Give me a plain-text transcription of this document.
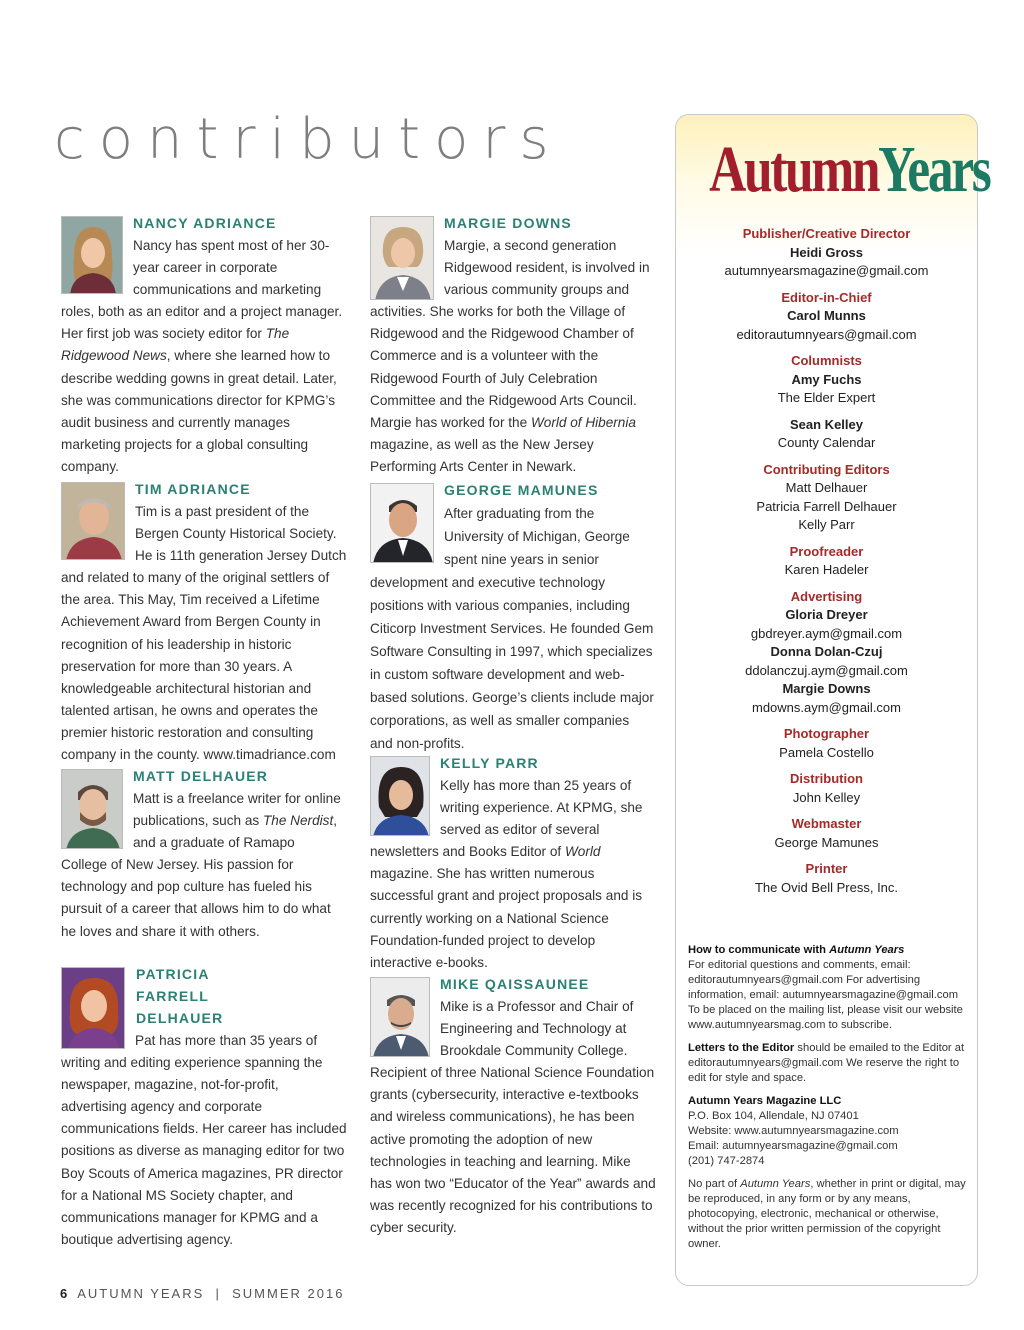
contributors
NANCY ADRIANCE
Nancy has spent most of her 30-year career in corporate communications and marketing roles, both as an editor and a project manager. Her first job was society editor for The Ridgewood News, where she learned how to describe wedding gowns in great detail. Later, she was communications director for KPMG’s audit business and currently manages marketing projects for a global consulting company.
TIM ADRIANCE
Tim is a past president of the Bergen County Historical Society. He is 11th generation Jersey Dutch and related to many of the original settlers of the area. This May, Tim received a Lifetime Achievement Award from Bergen County in recognition of his leadership in historic preservation for more than 30 years. A knowledgeable architectural historian and talented artisan, he owns and operates the premier historic restoration and consulting company in the county. www.timadriance.com
MATT DELHAUER
Matt is a freelance writer for online publications, such as The Nerdist, and a graduate of Ramapo College of New Jersey. His passion for technology and pop culture has fueled his pursuit of a career that allows him to do what he loves and share it with others.
PATRICIA FARRELL DELHAUER
Pat has more than 35 years of writing and editing experience spanning the newspaper, magazine, not-for-profit, advertising agency and corporate communications fields. Her career has included positions as diverse as managing editor for two Boy Scouts of America magazines, PR director for a National MS Society chapter, and communications manager for KPMG and a boutique advertising agency.
MARGIE DOWNS
Margie, a second generation Ridgewood resident, is involved in various community groups and activities. She works for both the Village of Ridgewood and the Ridgewood Chamber of Commerce and is a volunteer with the Ridgewood Fourth of July Celebration Committee and the Ridgewood Arts Council. Margie has worked for the World of Hibernia magazine, as well as the New Jersey Performing Arts Center in Newark.
GEORGE MAMUNES
After graduating from the University of Michigan, George spent nine years in senior development and executive technology positions with various companies, including Citicorp Investment Services. He founded Gem Software Consulting in 1997, which specializes in custom software development and web-based solutions. George’s clients include major corporations, as well as smaller companies and non-profits.
KELLY PARR
Kelly has more than 25 years of writing experience. At KPMG, she served as editor of several newsletters and Books Editor of World magazine. She has written numerous successful grant and project proposals and is currently working on a National Science Foundation-funded project to develop interactive e-books.
MIKE QAISSAUNEE
Mike is a Professor and Chair of Engineering and Technology at Brookdale Community College. Recipient of three National Science Foundation grants (cybersecurity, interactive e-textbooks and wireless communications), he has been active promoting the adoption of new technologies in teaching and learning. Mike has won two “Educator of the Year” awards and was recently recognized for his contributions to cyber security.
AutumnYears
Publisher/Creative Director
Heidi Gross
autumnyearsmagazine@gmail.com
Editor-in-Chief
Carol Munns
editorautumnyears@gmail.com
Columnists
Amy Fuchs
The Elder Expert
Sean Kelley
County Calendar
Contributing Editors
Matt Delhauer
Patricia Farrell Delhauer
Kelly Parr
Proofreader
Karen Hadeler
Advertising
Gloria Dreyer
gbdreyer.aym@gmail.com
Donna Dolan-Czuj
ddolanczuj.aym@gmail.com
Margie Downs
mdowns.aym@gmail.com
Photographer
Pamela Costello
Distribution
John Kelley
Webmaster
George Mamunes
Printer
The Ovid Bell Press, Inc.

How to communicate with Autumn Years
For editorial questions and comments, email: editorautumnyears@gmail.com For advertising information, email: autumnyearsmagazine@gmail.com To be placed on the mailing list, please visit our website www.autumnyearsmag.com to subscribe.

Letters to the Editor should be emailed to the Editor at editorautumnyears@gmail.com We reserve the right to edit for style and space.

Autumn Years Magazine LLC
P.O. Box 104, Allendale, NJ 07401
Website: www.autumnyearsmagazine.com
Email: autumnyearsmagazine@gmail.com
(201) 747-2874

No part of Autumn Years, whether in print or digital, may be reproduced, in any form or by any means, photocopying, electronic, mechanical or otherwise, without the prior written permission of the copyright owner.

6 AUTUMN YEARS  |  SUMMER 2016
